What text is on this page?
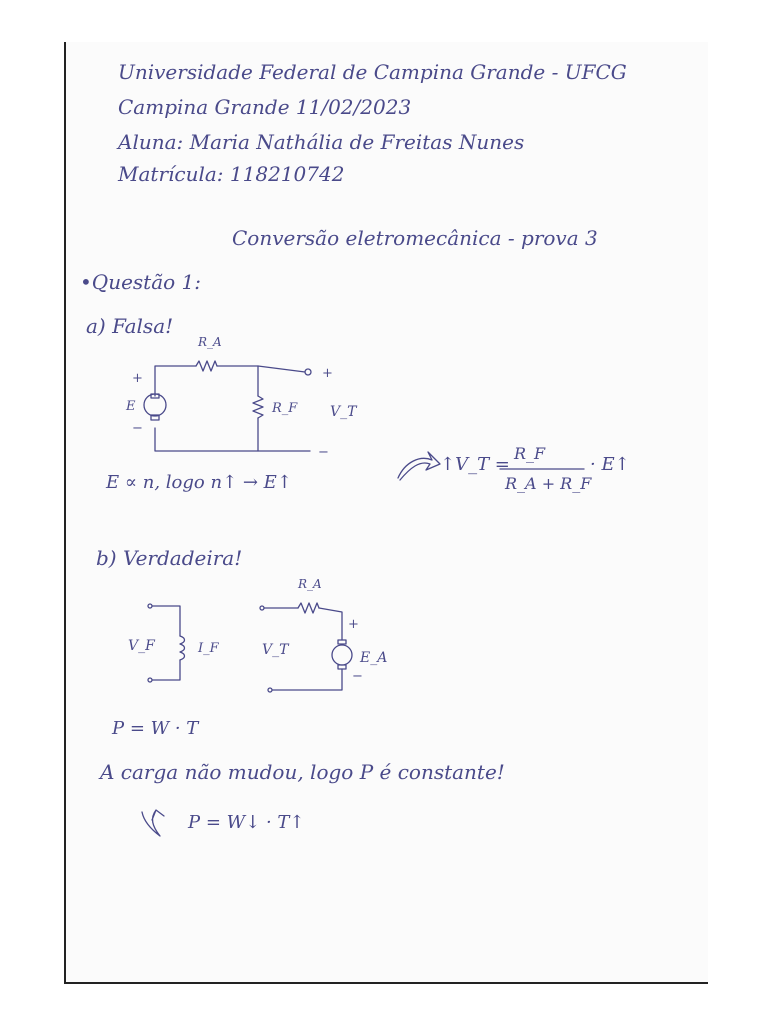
Universidade Federal de Campina Grande - UFCG
Campina Grande 11/02/2023
Aluna: Maria Nathália de Freitas Nunes
Matrícula: 118210742
Conversão eletromecânica - prova 3
•Questão 1:
a) Falsa!
R_A
+
E
−
R_F V_T
+
−
V_F	I_F
R_A
+
V_T	E_A
−
E ∝ n, logo n↑ → E↑
↑V_T =
R_F
R_A + R_F
· E↑
b) Verdadeira!
P = W · T
A carga não mudou, logo P é constante!
P = W↓ · T↑
